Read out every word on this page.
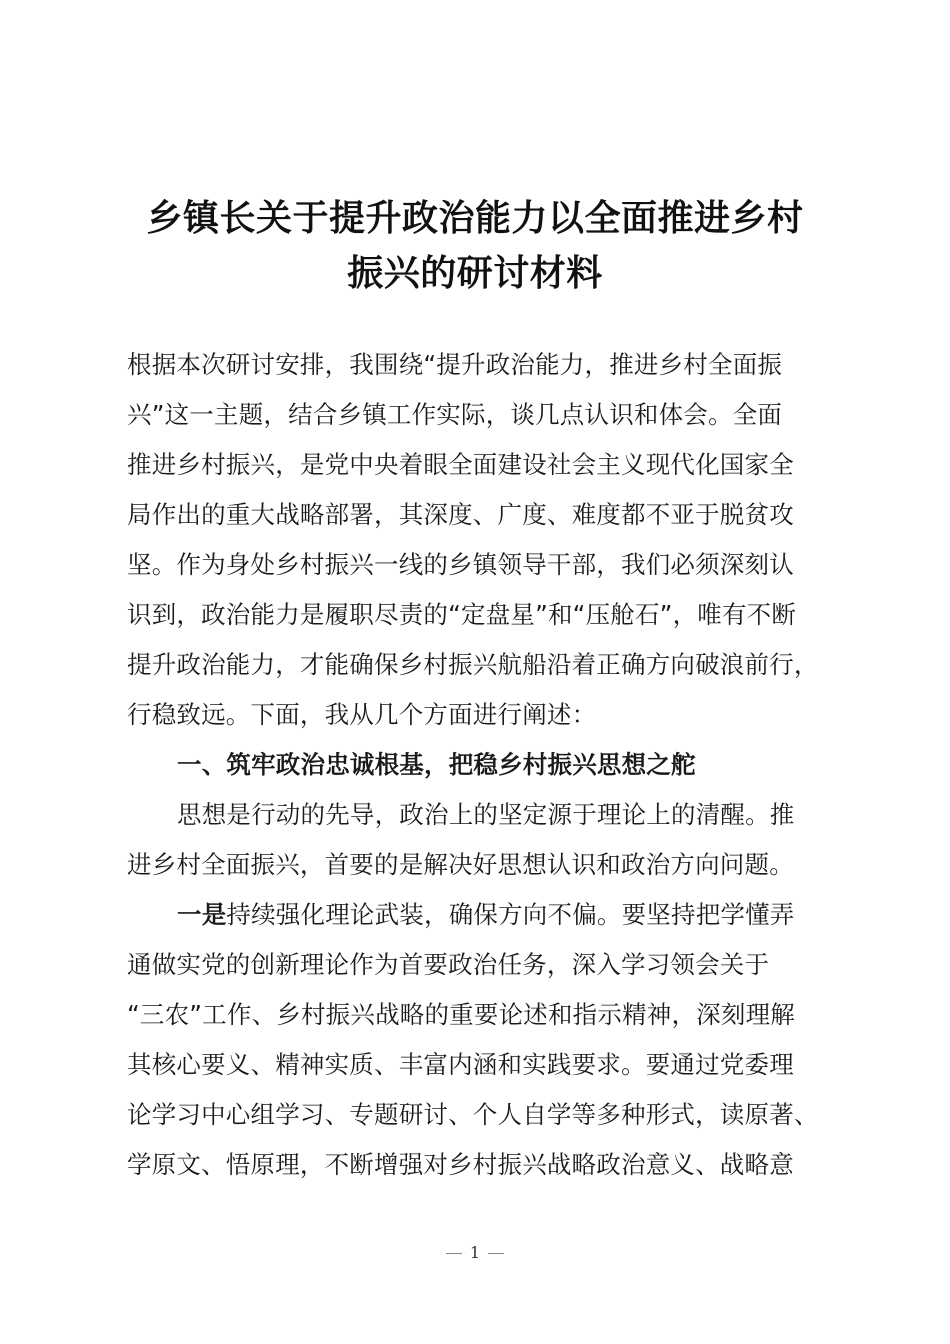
乡镇长关于提升政治能力以全面推进乡村
振兴的研讨材料
根据本次研讨安排，我围绕“提升政治能力，推进乡村全面振
兴”这一主题，结合乡镇工作实际，谈几点认识和体会。全面
推进乡村振兴，是党中央着眼全面建设社会主义现代化国家全
局作出的重大战略部署，其深度、广度、难度都不亚于脱贫攻
坚。作为身处乡村振兴一线的乡镇领导干部，我们必须深刻认
识到，政治能力是履职尽责的“定盘星”和“压舱石”，唯有不断
提升政治能力，才能确保乡村振兴航船沿着正确方向破浪前行，
行稳致远。下面，我从几个方面进行阐述：
一、筑牢政治忠诚根基，把稳乡村振兴思想之舵
思想是行动的先导，政治上的坚定源于理论上的清醒。推
进乡村全面振兴，首要的是解决好思想认识和政治方向问题。
一是持续强化理论武装，确保方向不偏。要坚持把学懂弄
通做实党的创新理论作为首要政治任务，深入学习领会关于
“三农”工作、乡村振兴战略的重要论述和指示精神，深刻理解
其核心要义、精神实质、丰富内涵和实践要求。要通过党委理
论学习中心组学习、专题研讨、个人自学等多种形式，读原著、
学原文、悟原理，不断增强对乡村振兴战略政治意义、战略意
1
